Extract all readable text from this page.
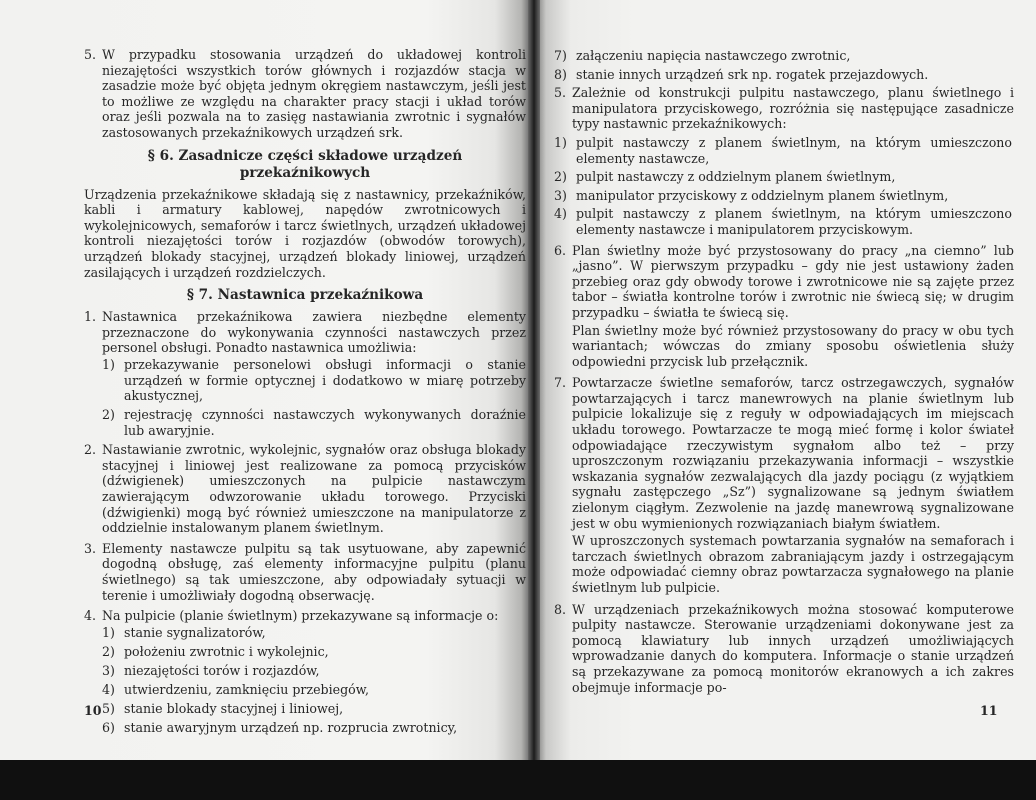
5. W przypadku stosowania urządzeń do układowej kontroli niezajętości wszystkich torów głównych i rozjazdów stacja w zasadzie może być objęta jednym okręgiem nastawczym, jeśli jest to możliwe ze względu na charakter pracy stacji i układ torów oraz jeśli pozwala na to zasięg nastawiania zwrotnic i sygnałów zastosowanych przekaźnikowych urządzeń srk.
§ 6. Zasadnicze części składowe urządzeń przekaźnikowych
Urządzenia przekaźnikowe składają się z nastawnicy, przekaźników, kabli i armatury kablowej, napędów zwrotnicowych i wykolejnicowych, semaforów i tarcz świetlnych, urządzeń układowej kontroli niezajętości torów i rozjazdów (obwodów torowych), urządzeń blokady stacyjnej, urządzeń blokady liniowej, urządzeń zasilających i urządzeń rozdzielczych.
§ 7. Nastawnica przekaźnikowa
1. Nastawnica przekaźnikowa zawiera niezbędne elementy przeznaczone do wykonywania czynności nastawczych przez personel obsługi. Ponadto nastawnica umożliwia:
1) przekazywanie personelowi obsługi informacji o stanie urządzeń w formie optycznej i dodatkowo w miarę potrzeby akustycznej,
2) rejestrację czynności nastawczych wykonywanych doraźnie lub awaryjnie.
2. Nastawianie zwrotnic, wykolejnic, sygnałów oraz obsługa blokady stacyjnej i liniowej jest realizowane za pomocą przycisków (dźwigienek) umieszczonych na pulpicie nastawczym zawierającym odwzorowanie układu torowego. Przyciski (dźwigienki) mogą być również umieszczone na manipulatorze z oddzielnie instalowanym planem świetlnym.
3. Elementy nastawcze pulpitu są tak usytuowane, aby zapewnić dogodną obsługę, zaś elementy informacyjne pulpitu (planu świetlnego) są tak umieszczone, aby odpowiadały sytuacji w terenie i umożliwiały dogodną obserwację.
4. Na pulpicie (planie świetlnym) przekazywane są informacje o:
1) stanie sygnalizatorów,
2) położeniu zwrotnic i wykolejnic,
3) niezajętości torów i rozjazdów,
4) utwierdzeniu, zamknięciu przebiegów,
5) stanie blokady stacyjnej i liniowej,
6) stanie awaryjnym urządzeń np. rozprucia zwrotnicy,
10
7) załączeniu napięcia nastawczego zwrotnic,
8) stanie innych urządzeń srk np. rogatek przejazdowych.
5. Zależnie od konstrukcji pulpitu nastawczego, planu świetlnego i manipulatora przyciskowego, rozróżnia się następujące zasadnicze typy nastawnic przekaźnikowych:
1) pulpit nastawczy z planem świetlnym, na którym umieszczono elementy nastawcze,
2) pulpit nastawczy z oddzielnym planem świetlnym,
3) manipulator przyciskowy z oddzielnym planem świetlnym,
4) pulpit nastawczy z planem świetlnym, na którym umieszczono elementy nastawcze i manipulatorem przyciskowym.
6. Plan świetlny może być przystosowany do pracy „na ciemno” lub „jasno”. W pierwszym przypadku – gdy nie jest ustawiony żaden przebieg oraz gdy obwody torowe i zwrotnicowe nie są zajęte przez tabor – światła kontrolne torów i zwrotnic nie świecą się; w drugim przypadku – światła te świecą się.
Plan świetlny może być również przystosowany do pracy w obu tych wariantach; wówczas do zmiany sposobu oświetlenia służy odpowiedni przycisk lub przełącznik.
7. Powtarzacze świetlne semaforów, tarcz ostrzegawczych, sygnałów powtarzających i tarcz manewrowych na planie świetlnym lub pulpicie lokalizuje się z reguły w odpowiadających im miejscach układu torowego. Powtarzacze te mogą mieć formę i kolor świateł odpowiadające rzeczywistym sygnałom albo też – przy uproszczonym rozwiązaniu przekazywania informacji – wszystkie wskazania sygnałów zezwalających dla jazdy pociągu (z wyjątkiem sygnału zastępczego „Sz”) sygnalizowane są jednym światłem zielonym ciągłym. Zezwolenie na jazdę manewrową sygnalizowane jest w obu wymienionych rozwiązaniach białym światłem.
W uproszczonych systemach powtarzania sygnałów na semaforach i tarczach świetlnych obrazom zabraniającym jazdy i ostrzegającym może odpowiadać ciemny obraz powtarzacza sygnałowego na planie świetlnym lub pulpicie.
8. W urządzeniach przekaźnikowych można stosować komputerowe pulpity nastawcze. Sterowanie urządzeniami dokonywane jest za pomocą klawiatury lub innych urządzeń umożliwiających wprowadzanie danych do komputera. Informacje o stanie urządzeń są przekazywane za pomocą monitorów ekranowych a ich zakres obejmuje informacje po-
11
